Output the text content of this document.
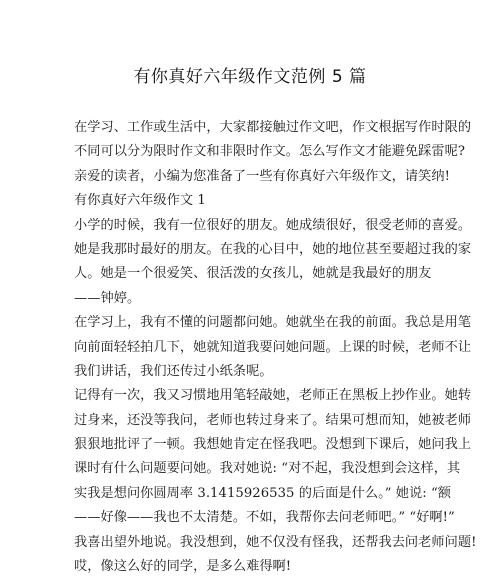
有你真好六年级作文范例 5 篇
在学习、工作或生活中，大家都接触过作文吧，作文根据写作时限的
不同可以分为限时作文和非限时作文。怎么写作文才能避免踩雷呢?
亲爱的读者，小编为您准备了一些有你真好六年级作文，请笑纳!
有你真好六年级作文 1
小学的时候，我有一位很好的朋友。她成绩很好，很受老师的喜爱。
她是我那时最好的朋友。在我的心目中，她的地位甚至要超过我的家
人。她是一个很爱笑、很活泼的女孩儿，她就是我最好的朋友
——钟婷。
在学习上，我有不懂的问题都问她。她就坐在我的前面。我总是用笔
向前面轻轻拍几下，她就知道我要问她问题。上课的时候，老师不让
我们讲话，我们还传过小纸条呢。
记得有一次，我又习惯地用笔轻敲她，老师正在黑板上抄作业。她转
过身来，还没等我问，老师也转过身来了。结果可想而知，她被老师
狠狠地批评了一顿。我想她肯定在怪我吧。没想到下课后，她问我上
课时有什么问题要问她。我对她说: “对不起，我没想到会这样，其
实我是想问你圆周率 3.1415926535 的后面是什么。” 她说: “额
——好像——我也不太清楚。不如，我帮你去问老师吧。” “好啊!”
我喜出望外地说。我没想到，她不仅没有怪我，还帮我去问老师问题!
哎，像这么好的同学，是多么难得啊!
